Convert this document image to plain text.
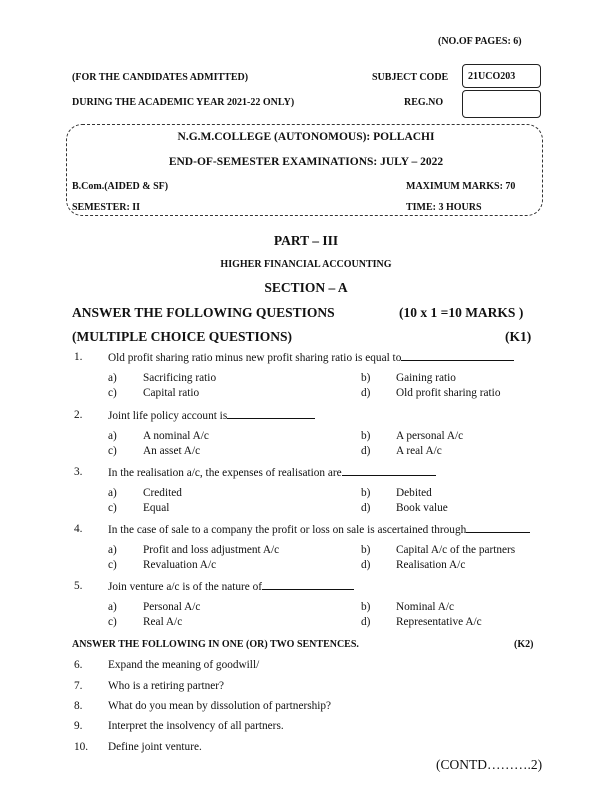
(NO.OF PAGES: 6)
(FOR THE CANDIDATES ADMITTED)
DURING THE ACADEMIC YEAR 2021-22 ONLY)
SUBJECT CODE 21UCO203
REG.NO
N.G.M.COLLEGE (AUTONOMOUS): POLLACHI
END-OF-SEMESTER EXAMINATIONS: JULY – 2022
B.Com.(AIDED & SF)	MAXIMUM MARKS: 70
SEMESTER: II	TIME: 3 HOURS
PART – III
HIGHER FINANCIAL ACCOUNTING
SECTION – A
ANSWER THE FOLLOWING QUESTIONS	(10 x 1 =10 MARKS )
(MULTIPLE CHOICE QUESTIONS)	(K1)
1. Old profit sharing ratio minus new profit sharing ratio is equal to
a) Sacrificing ratio	b) Gaining ratio
c) Capital ratio	d) Old profit sharing ratio
2. Joint life policy account is
a) A nominal A/c	b) A personal A/c
c) An asset A/c	d) A real A/c
3. In the realisation a/c, the expenses of realisation are
a) Credited	b) Debited
c) Equal	d) Book value
4. In the case of sale to a company the profit or loss on sale is ascertained through
a) Profit and loss adjustment A/c	b) Capital A/c of the partners
c) Revaluation A/c	d) Realisation A/c
5. Join venture a/c is of the nature of
a) Personal A/c	b) Nominal A/c
c) Real A/c	d) Representative A/c
ANSWER THE FOLLOWING IN ONE (OR) TWO SENTENCES.	(K2)
6. Expand the meaning of goodwill/
7. Who is a retiring partner?
8. What do you mean by dissolution of partnership?
9. Interpret the insolvency of all partners.
10. Define joint venture.
(CONTD……….2)
